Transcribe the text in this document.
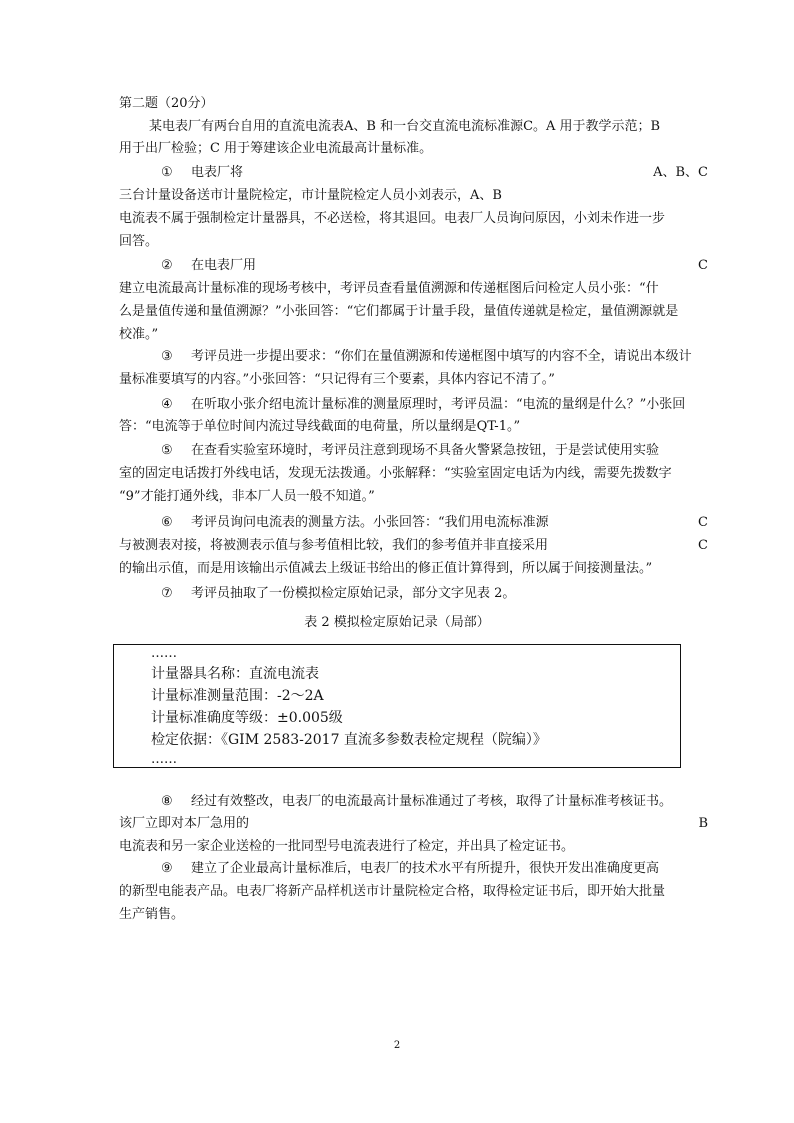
第二题（20分）
某电表厂有两台自用的直流电流表A、B 和一台交直流电流标准源C。A 用于教学示范；B
用于出厂检验；C 用于筹建该企业电流最高计量标准。
① 电表厂将	A、B、C
三台计量设备送市计量院检定，市计量院检定人员小刘表示，A、B
电流表不属于强制检定计量器具，不必送检，将其退回。电表厂人员询问原因，小刘未作进一步
回答。
② 在电表厂用	C
建立电流最高计量标准的现场考核中，考评员查看量值溯源和传递框图后问检定人员小张：“什
么是量值传递和量值溯源？”小张回答：“它们都属于计量手段，量值传递就是检定，量值溯源就是
校准。”
③ 考评员进一步提出要求：“你们在量值溯源和传递框图中填写的内容不全，请说出本级计
量标准要填写的内容。”小张回答：“只记得有三个要素，具体内容记不清了。”
④ 在听取小张介绍电流计量标准的测量原理时，考评员温：“电流的量纲是什么？”小张回
答：“电流等于单位时间内流过导线截面的电荷量，所以量纲是QT-1。”
⑤ 在查看实验室环境时，考评员注意到现场不具备火警紧急按钮，于是尝试使用实验
室的固定电话拨打外线电话，发现无法拨通。小张解释：“实验室固定电话为内线，需要先拨数字
“9”才能打通外线，非本厂人员一般不知道。”
⑥ 考评员询问电流表的测量方法。小张回答：“我们用电流标准源	C
与被测表对接，将被测表示值与参考值相比较，我们的参考值并非直接采用	C
的输出示值，而是用该输出示值减去上级证书给出的修正值计算得到，所以属于间接测量法。”
⑦ 考评员抽取了一份模拟检定原始记录，部分文字见表 2。
表 2 模拟检定原始记录（局部）
……
计量器具名称：直流电流表
计量标准测量范围：-2～2A
计量标准确度等级：±0.005级
检定依据：《GIM 2583-2017 直流多参数表检定规程（院编）》
……
⑧ 经过有效整改，电表厂的电流最高计量标准通过了考核，取得了计量标准考核证书。
该厂立即对本厂急用的	B
电流表和另一家企业送检的一批同型号电流表进行了检定，并出具了检定证书。
⑨ 建立了企业最高计量标准后，电表厂的技术水平有所提升，很快开发出准确度更高
的新型电能表产品。电表厂将新产品样机送市计量院检定合格，取得检定证书后，即开始大批量
生产销售。
2
